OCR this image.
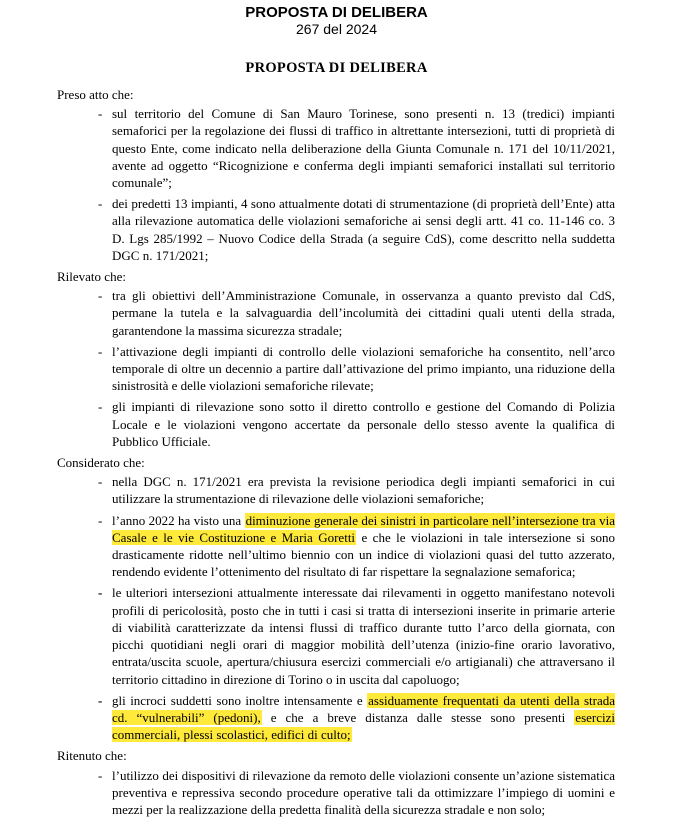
PROPOSTA DI DELIBERA
267 del 2024
PROPOSTA DI DELIBERA
Preso atto che:
- sul territorio del Comune di San Mauro Torinese, sono presenti n. 13 (tredici) impianti semaforici per la regolazione dei flussi di traffico in altrettante intersezioni, tutti di proprietà di questo Ente, come indicato nella deliberazione della Giunta Comunale n. 171 del 10/11/2021, avente ad oggetto “Ricognizione e conferma degli impianti semaforici installati sul territorio comunale”;
- dei predetti 13 impianti, 4 sono attualmente dotati di strumentazione (di proprietà dell’Ente) atta alla rilevazione automatica delle violazioni semaforiche ai sensi degli artt. 41 co. 11-146 co. 3 D. Lgs 285/1992 – Nuovo Codice della Strada (a seguire CdS), come descritto nella suddetta DGC n. 171/2021;
Rilevato che:
- tra gli obiettivi dell’Amministrazione Comunale, in osservanza a quanto previsto dal CdS, permane la tutela e la salvaguardia dell’incolumità dei cittadini quali utenti della strada, garantendone la massima sicurezza stradale;
- l’attivazione degli impianti di controllo delle violazioni semaforiche ha consentito, nell’arco temporale di oltre un decennio a partire dall’attivazione del primo impianto, una riduzione della sinistrosità e delle violazioni semaforiche rilevate;
- gli impianti di rilevazione sono sotto il diretto controllo e gestione del Comando di Polizia Locale e le violazioni vengono accertate da personale dello stesso avente la qualifica di Pubblico Ufficiale.
Considerato che:
- nella DGC n. 171/2021 era prevista la revisione periodica degli impianti semaforici in cui utilizzare la strumentazione di rilevazione delle violazioni semaforiche;
- l’anno 2022 ha visto una diminuzione generale dei sinistri in particolare nell’intersezione tra via Casale e le vie Costituzione e Maria Goretti e che le violazioni in tale intersezione si sono drasticamente ridotte nell’ultimo biennio con un indice di violazioni quasi del tutto azzerato, rendendo evidente l’ottenimento del risultato di far rispettare la segnalazione semaforica;
- le ulteriori intersezioni attualmente interessate dai rilevamenti in oggetto manifestano notevoli profili di pericolosità, posto che in tutti i casi si tratta di intersezioni inserite in primarie arterie di viabilità caratterizzate da intensi flussi di traffico durante tutto l’arco della giornata, con picchi quotidiani negli orari di maggior mobilità dell’utenza (inizio-fine orario lavorativo, entrata/uscita scuole, apertura/chiusura esercizi commerciali e/o artigianali) che attraversano il territorio cittadino in direzione di Torino o in uscita dal capoluogo;
- gli incroci suddetti sono inoltre intensamente e assiduamente frequentati da utenti della strada cd. “vulnerabili” (pedoni), e che a breve distanza dalle stesse sono presenti esercizi commerciali, plessi scolastici, edifici di culto;
Ritenuto che:
- l’utilizzo dei dispositivi di rilevazione da remoto delle violazioni consente un’azione sistematica preventiva e repressiva secondo procedure operative tali da ottimizzare l’impiego di uomini e mezzi per la realizzazione della predetta finalità della sicurezza stradale e non solo;
